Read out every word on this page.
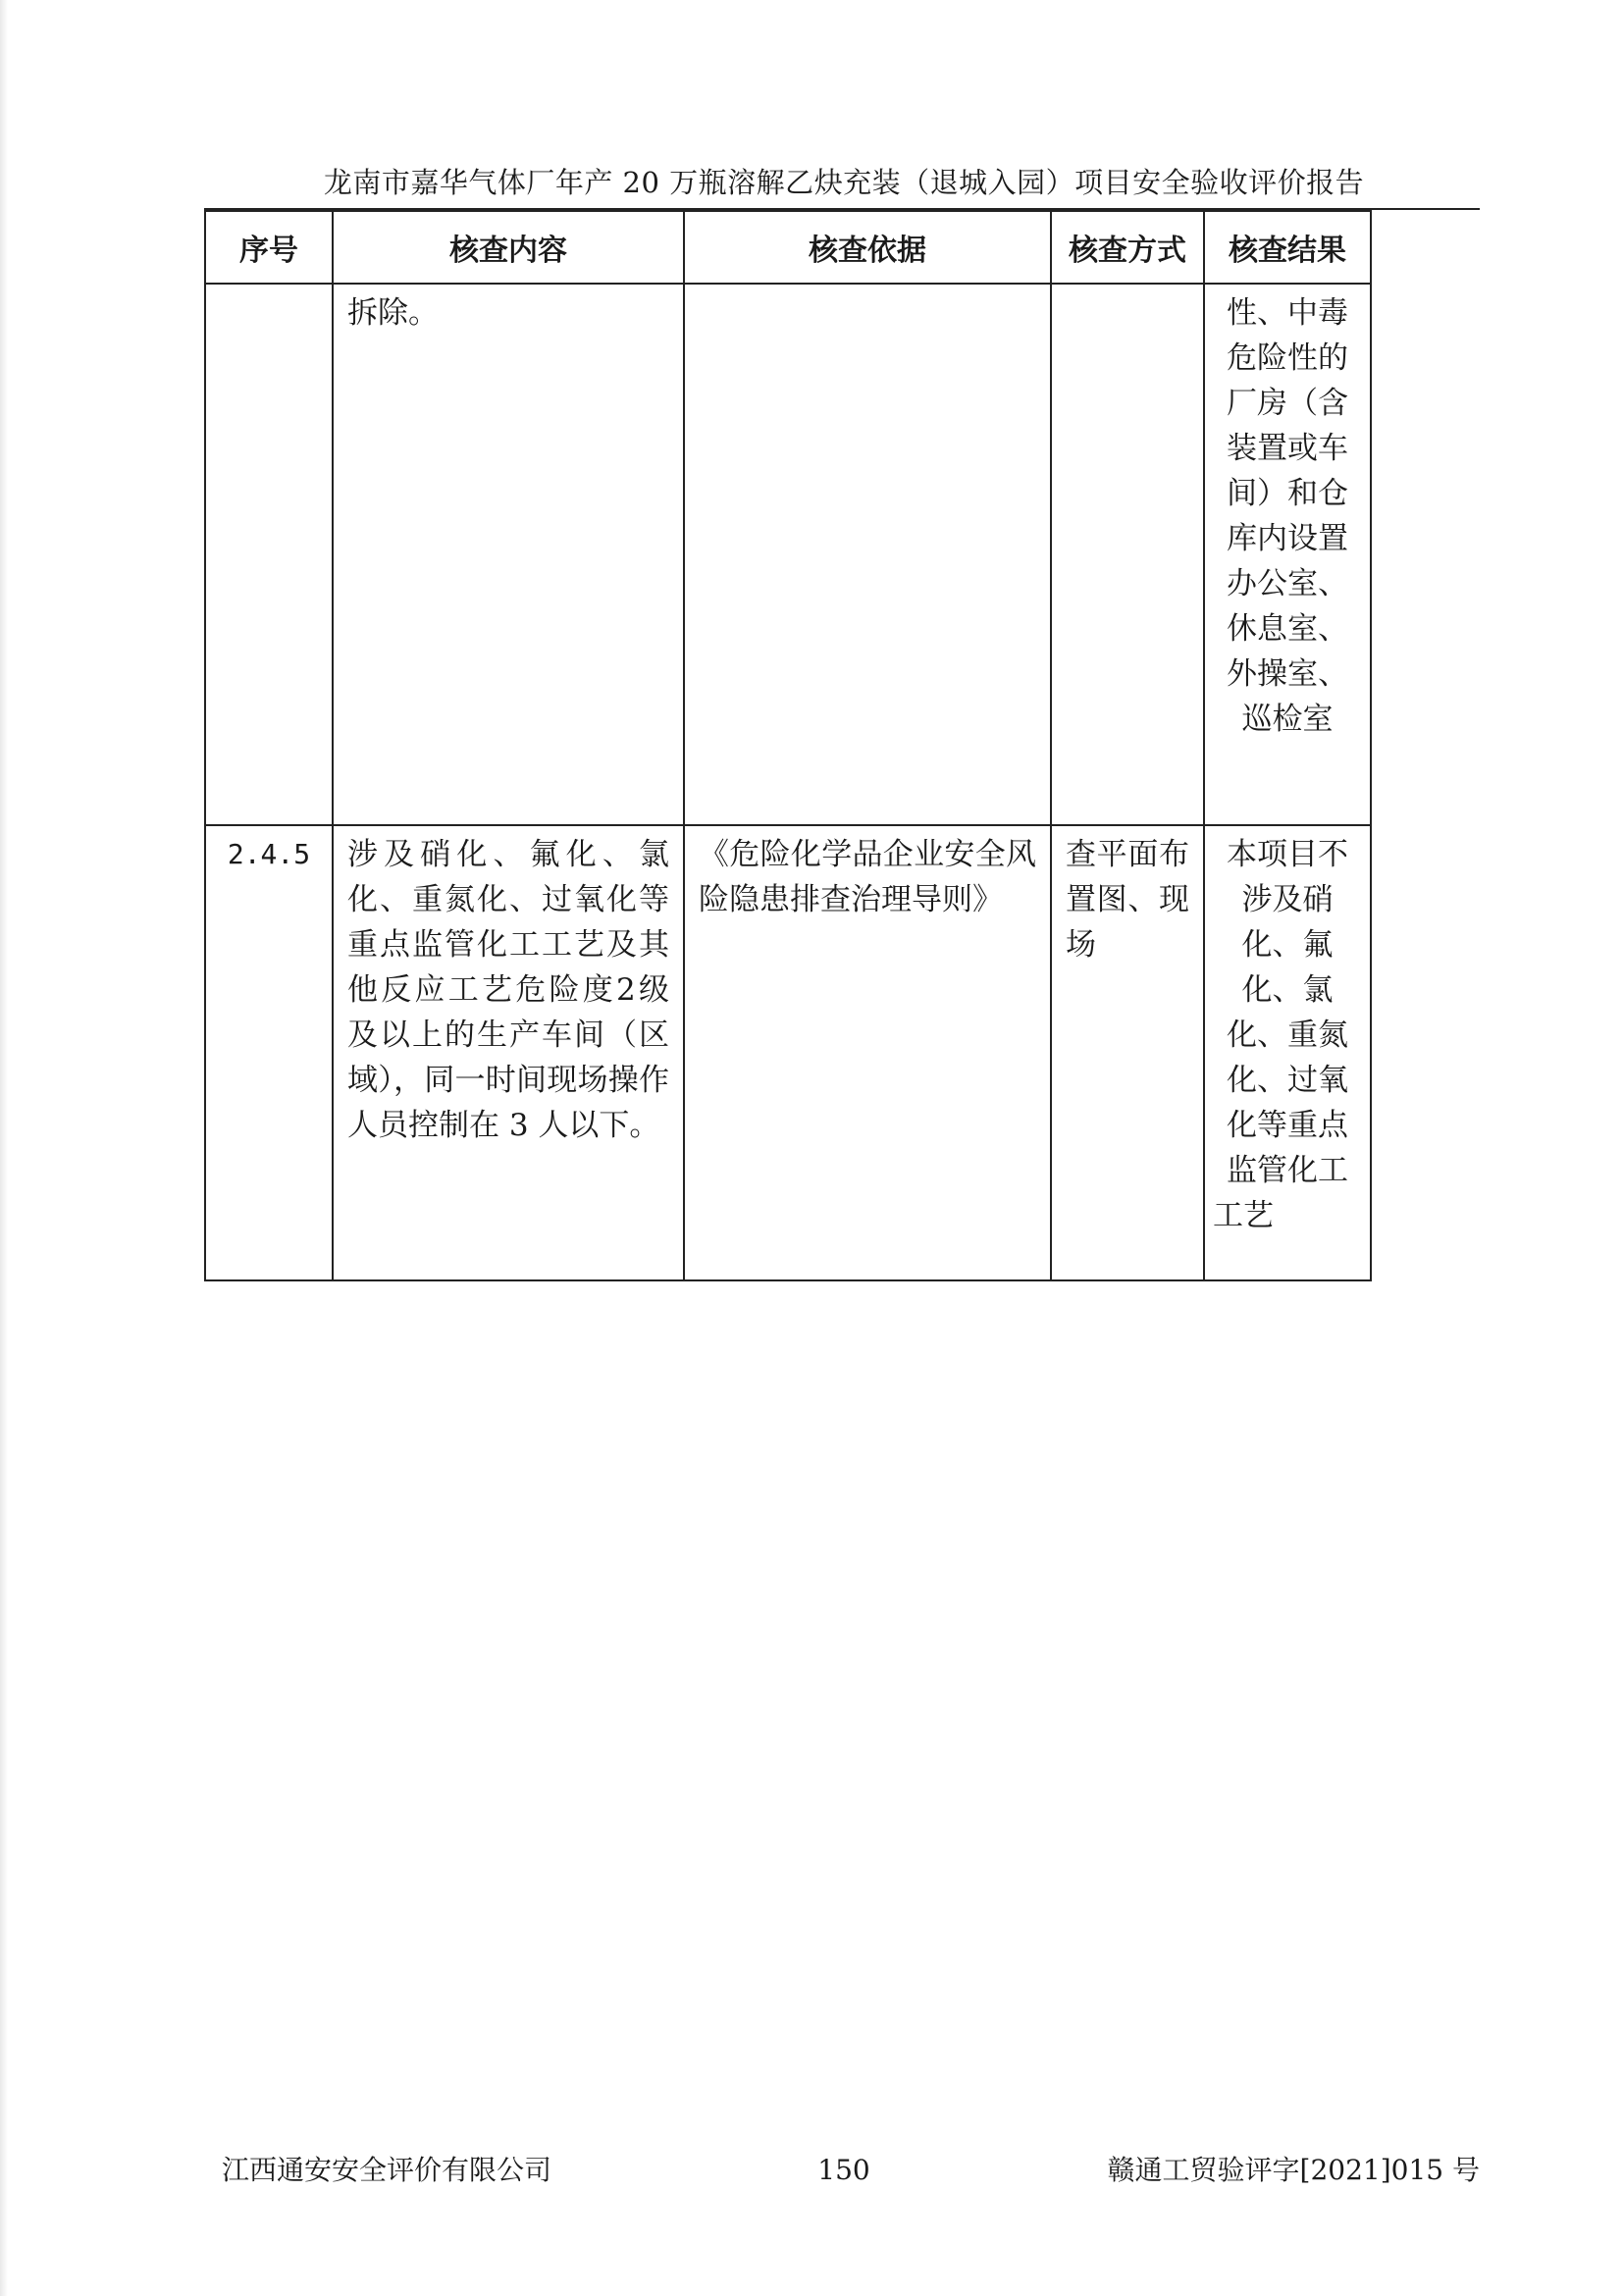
龙南市嘉华气体厂年产 20 万瓶溶解乙炔充装（退城入园）项目安全验收评价报告
序号	核查内容	核查依据	核查方式	核查结果

	拆除。			性、中毒危险性的厂房（含装置或车间）和仓库内设置办公室、休息室、外操室、巡检室

2.4.5	涉及硝化、氟化、氯化、重氮化、过氧化等重点监管化工工艺及其他反应工艺危险度2级及以上的生产车间（区域），同一时间现场操作人员控制在 3 人以下。	《危险化学品企业安全风险隐患排查治理导则》	查平面布置图、现场	本项目不涉及硝化、氟化、氯化、重氮化、过氧化等重点监管化工工艺
江西通安安全评价有限公司	150	赣通工贸验评字[2021]015 号
